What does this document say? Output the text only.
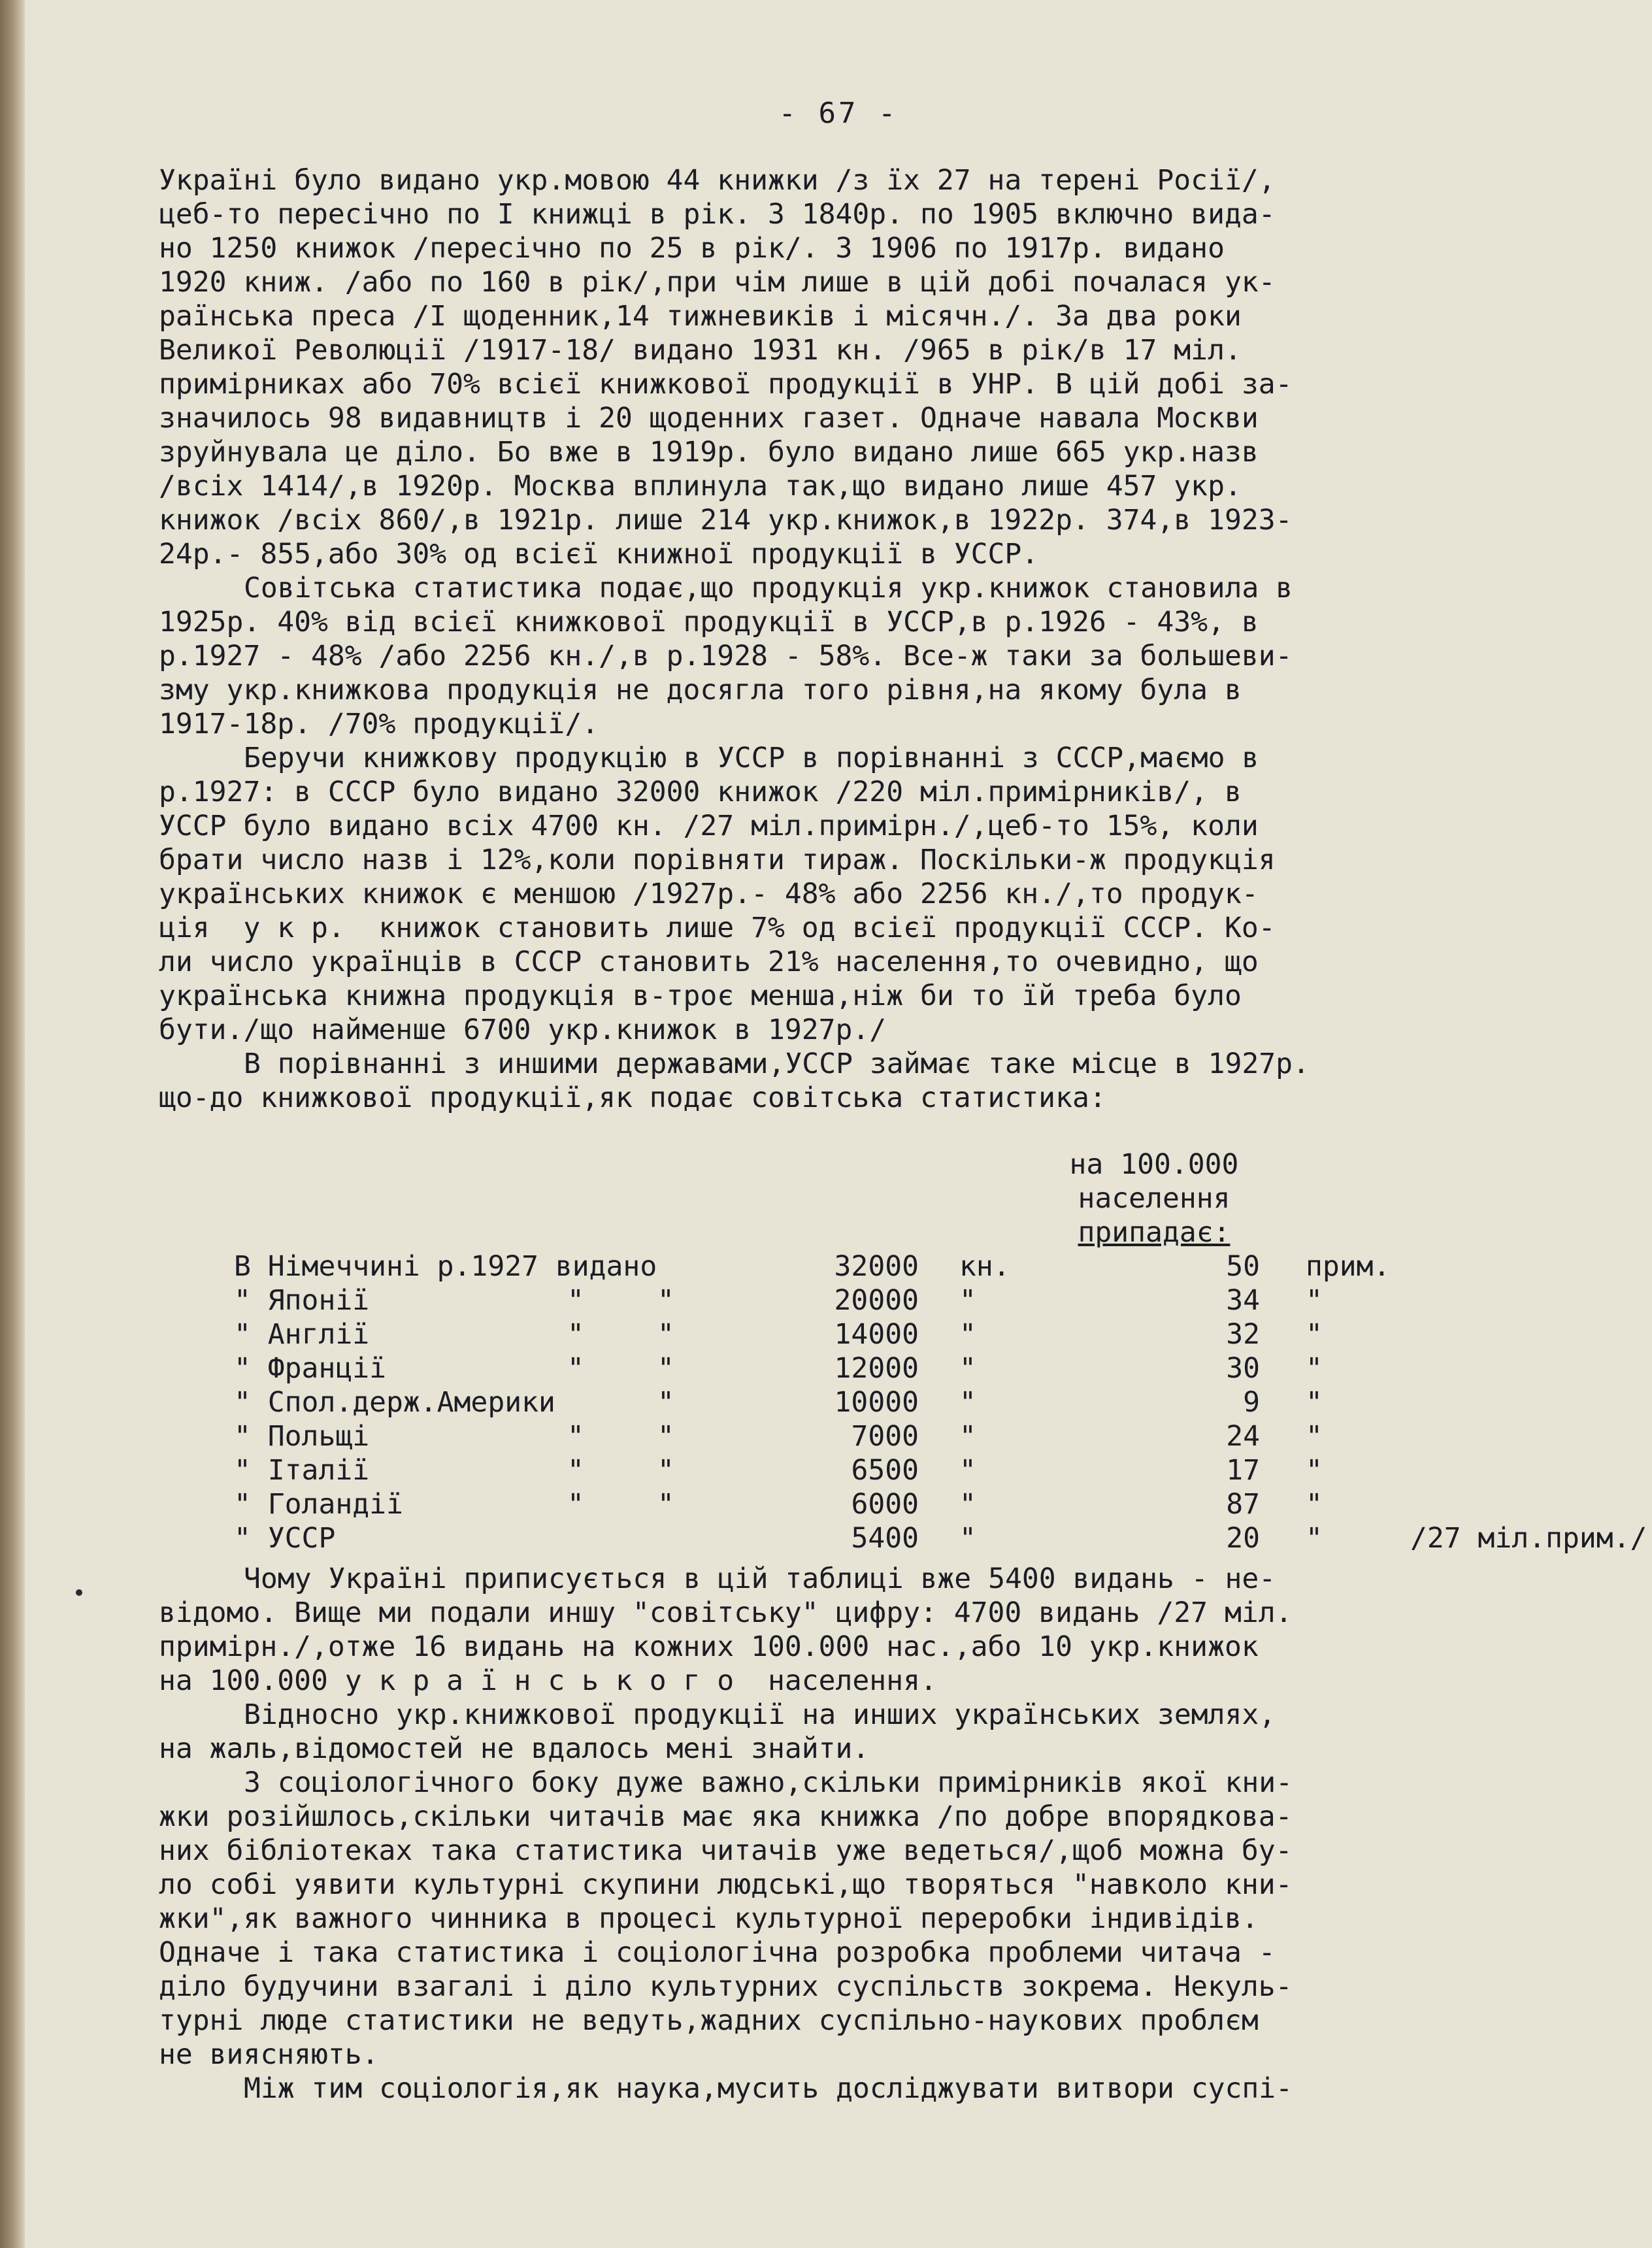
- 67 -
Україні було видано укр.мовою 44 книжки /з їх 27 на терені Росії/,
цеб-то пересічно по I книжці в рік. З 1840р. по 1905 включно вида-
но 1250 книжок /пересічно по 25 в рік/. З 1906 по 1917р. видано
1920 книж. /або по 160 в рік/,при чім лише в цій добі почалася ук-
раїнська преса /I щоденник,14 тижневиків і місячн./. За два роки
Великої Революції /1917-18/ видано 1931 кн. /965 в рік/в 17 міл.
примірниках або 70% всієї книжкової продукції в УНР. В цій добі за-
значилось 98 видавництв і 20 щоденних газет. Одначе навала Москви
зруйнувала це діло. Бо вже в 1919р. було видано лише 665 укр.назв
/всіх 1414/,в 1920р. Москва вплинула так,що видано лише 457 укр.
книжок /всіх 860/,в 1921р. лише 214 укр.книжок,в 1922р. 374,в 1923-
24р.- 855,або 30% од всієї книжної продукції в УССР.
Совітська статистика подає,що продукція укр.книжок становила в
1925р. 40% від всієї книжкової продукції в УССР,в р.1926 - 43%, в
р.1927 - 48% /або 2256 кн./,в р.1928 - 58%. Все-ж таки за большеви-
зму укр.книжкова продукція не досягла того рівня,на якому була в
1917-18р. /70% продукції/.
Беручи книжкову продукцію в УССР в порівнанні з СССР,маємо в
р.1927: в СССР було видано 32000 книжок /220 міл.примірників/, в
УССР було видано всіх 4700 кн. /27 міл.примірн./,цеб-то 15%, коли
брати число назв і 12%,коли порівняти тираж. Поскільки-ж продукція
українських книжок є меншою /1927р.- 48% або 2256 кн./,то продук-
ція  у к р.  книжок становить лише 7% од всієї продукції СССР. Ко-
ли число українців в СССР становить 21% населення,то очевидно, що
українська книжна продукція в-троє менша,ніж би то їй треба було
бути./що найменше 6700 укр.книжок в 1927р./
В порівнанні з иншими державами,УССР займає таке місце в 1927р.
що-до книжкової продукції,як подає совітська статистика:
на 100.000
населення
припадає:
В Німеччині р.1927 видано	32000 кн.	50 прим.
" Японії	"	"	20000 "	34 "
" Англії	"	"	14000 "	32 "
" Франції	"	"	12000 "	30 "
" Спол.держ.Америки	"	10000 "	9 "
" Польщі	"	"	7000 "	24 "
" Італії	"	"	6500 "	17 "
" Голандії	"	"	6000 "	87 "
" УССР	5400 "	20 "	/27 міл.прим./
Чому Україні приписується в цій таблиці вже 5400 видань - не-
відомо. Вище ми подали иншу "совітську" цифру: 4700 видань /27 міл.
примірн./,отже 16 видань на кожних 100.000 нас.,або 10 укр.книжок
на 100.000 у к р а ї н с ь к о г о  населення.
Відносно укр.книжкової продукції на инших українських землях,
на жаль,відомостей не вдалось мені знайти.
З соціологічного боку дуже важно,скільки примірників якої кни-
жки розійшлось,скільки читачів має яка книжка /по добре впорядкова-
них бібліотеках така статистика читачів уже ведеться/,щоб можна бу-
ло собі уявити культурні скупини людські,що творяться "навколо кни-
жки",як важного чинника в процесі культурної переробки індивідів.
Одначе і така статистика і соціологічна розробка проблеми читача -
діло будучини взагалі і діло культурних суспільств зокрема. Некуль-
турні люде статистики не ведуть,жадних суспільно-наукових проблєм
не виясняють.
Між тим соціологія,як наука,мусить досліджувати витвори суспі-
